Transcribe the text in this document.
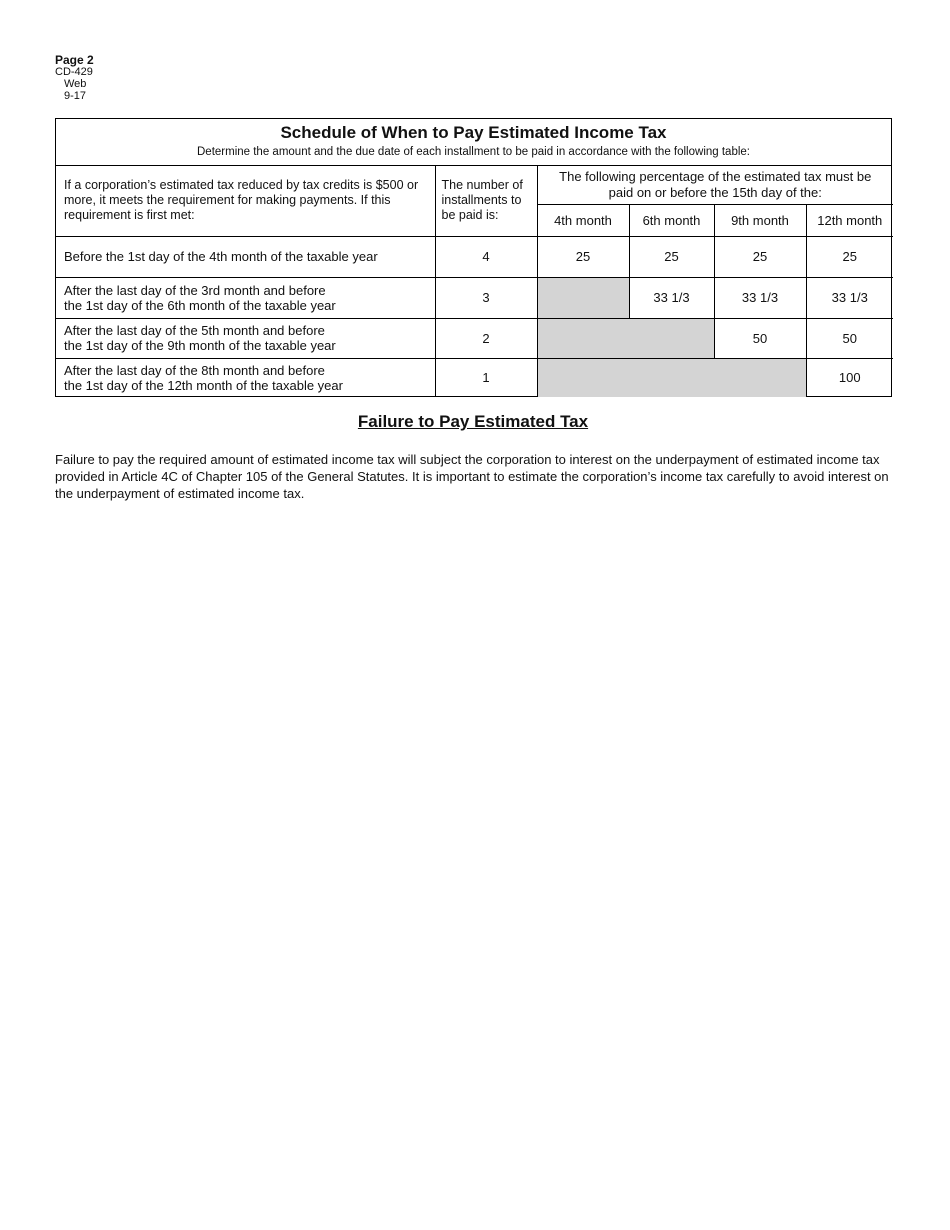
Page 2
CD-429
Web
9-17
Schedule of When to Pay Estimated Income Tax
Determine the amount and the due date of each installment to be paid in accordance with the following table:
If a corporation’s estimated tax reduced by tax credits is $500 or more, it meets the requirement for making payments. If this requirement is first met:	The number of installments to be paid is:	The following percentage of the estimated tax must be paid on or before the 15th day of the:			
		4th month	6th month	9th month	12th month
Before the 1st day of the 4th month of the taxable year	4	25	25	25	25

After the last day of the 3rd month and before
the 1st day of the 6th month of the taxable year	3		33 1/3	33 1/3	33 1/3

After the last day of the 5th month and before
the 1st day of the 9th month of the taxable year	2			50	50

After the last day of the 8th month and before
the 1st day of the 12th month of the taxable year	1				100
Failure to Pay Estimated Tax
Failure to pay the required amount of estimated income tax will subject the corporation to interest on the underpayment of estimated income tax provided in Article 4C of Chapter 105 of the General Statutes. It is important to estimate the corporation’s income tax carefully to avoid interest on the underpayment of estimated income tax.
